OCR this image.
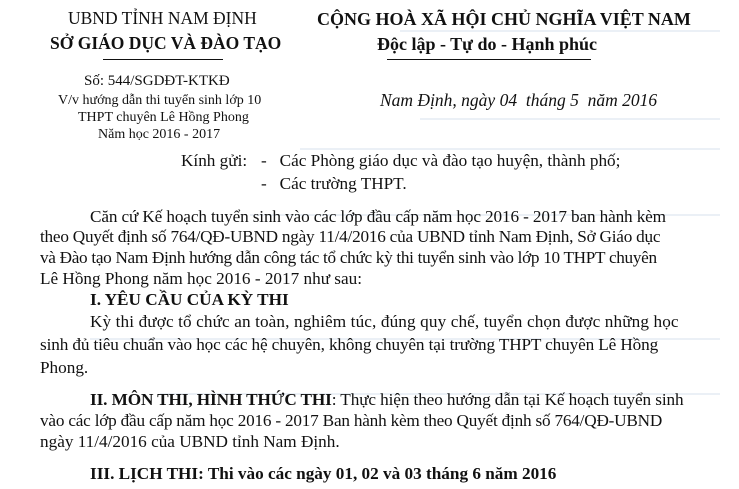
UBND TỈNH NAM ĐỊNH
SỞ GIÁO DỤC VÀ ĐÀO TẠO
Số: 544/SGDĐT-KTKĐ
V/v hướng dẫn thi tuyển sinh lớp 10
THPT chuyên Lê Hồng Phong
Năm học 2016 - 2017
CỘNG HOÀ XÃ HỘI CHỦ NGHĨA VIỆT NAM
Độc lập - Tự do - Hạnh phúc
Nam Định, ngày 04  tháng 5  năm 2016
Kính gửi: -   Các Phòng giáo dục và đào tạo huyện, thành phố;
-   Các trường THPT.
Căn cứ Kế hoạch tuyển sinh vào các lớp đầu cấp năm học 2016 - 2017 ban hành kèm
theo Quyết định số 764/QĐ-UBND ngày 11/4/2016 của UBND tỉnh Nam Định, Sở Giáo dục
và Đào tạo Nam Định hướng dẫn công tác tổ chức kỳ thi tuyển sinh vào lớp 10 THPT chuyên
Lê Hồng Phong năm học 2016 - 2017 như sau:
I. YÊU CẦU CỦA KỲ THI
Kỳ thi được tổ chức an toàn, nghiêm túc, đúng quy chế, tuyển chọn được những học
sinh đủ tiêu chuẩn vào học các hệ chuyên, không chuyên tại trường THPT chuyên Lê Hồng
Phong.
II. MÔN THI, HÌNH THỨC THI: Thực hiện theo hướng dẫn tại Kế hoạch tuyển sinh
vào các lớp đầu cấp năm học 2016 - 2017 Ban hành kèm theo Quyết định số 764/QĐ-UBND
ngày 11/4/2016 của UBND tỉnh Nam Định.
III. LỊCH THI: Thi vào các ngày 01, 02 và 03 tháng 6 năm 2016
